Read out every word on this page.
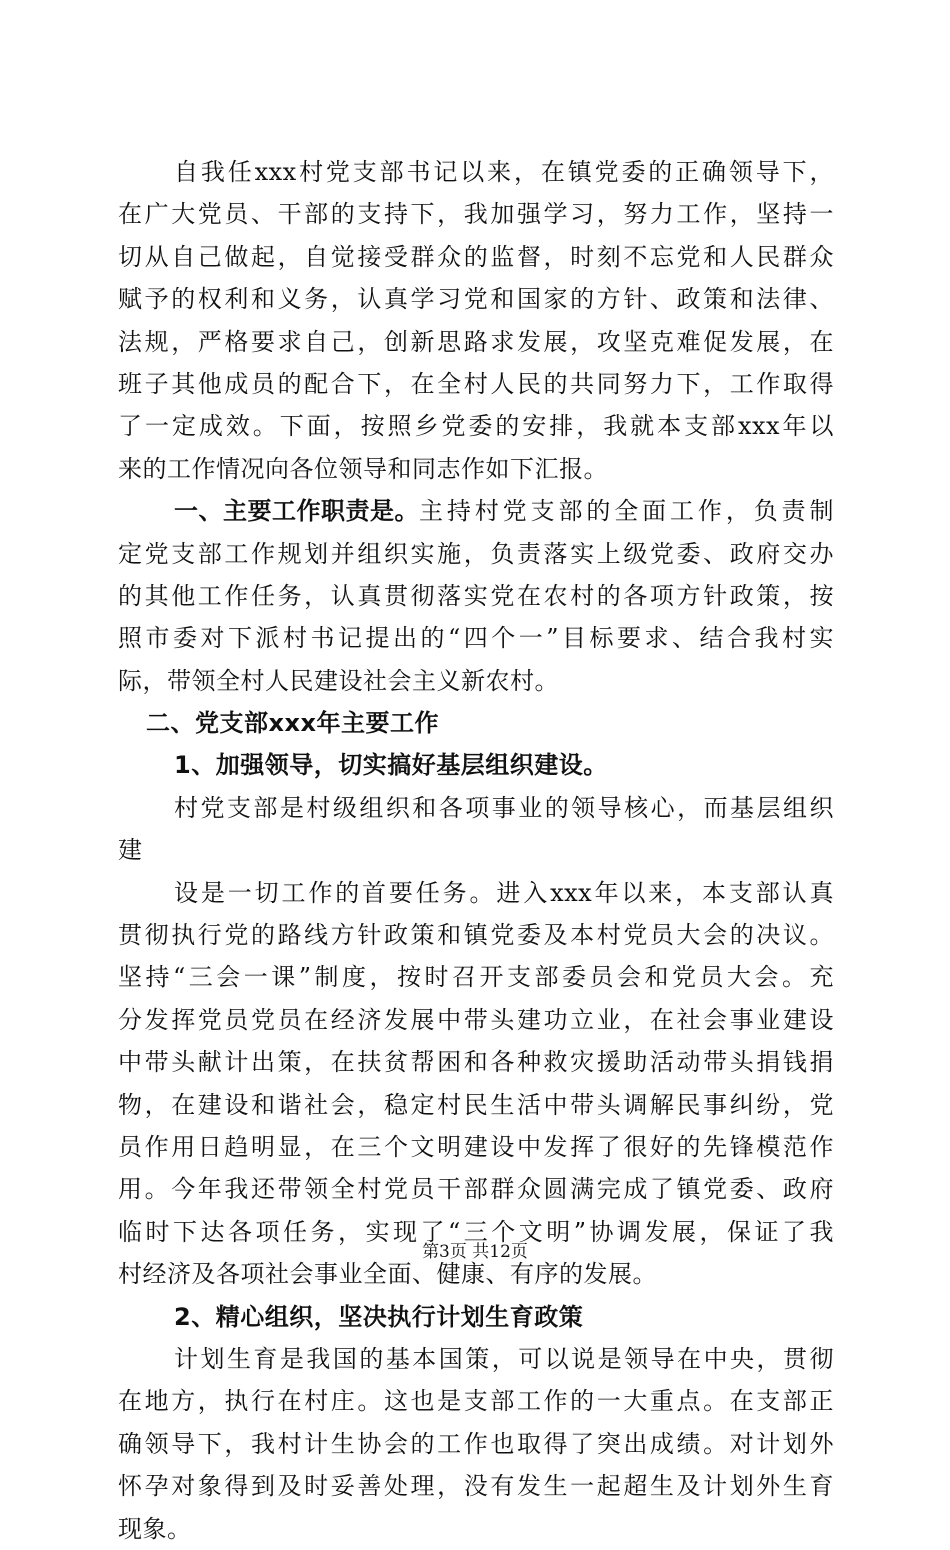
自我任xxx村党支部书记以来，在镇党委的正确领导下，
在广大党员、干部的支持下，我加强学习，努力工作，坚持一
切从自己做起，自觉接受群众的监督，时刻不忘党和人民群众
赋予的权利和义务，认真学习党和国家的方针、政策和法律、
法规，严格要求自己，创新思路求发展，攻坚克难促发展，在
班子其他成员的配合下，在全村人民的共同努力下，工作取得
了一定成效。下面，按照乡党委的安排，我就本支部xxx年以
来的工作情况向各位领导和同志作如下汇报。
一、主要工作职责是。 主持村党支部的全面工作，负责制
定党支部工作规划并组织实施，负责落实上级党委、政府交办
的其他工作任务，认真贯彻落实党在农村的各项方针政策，按
照市委对下派村书记提出的“四个一”目标要求、结合我村实
际，带领全村人民建设社会主义新农村。
二、党支部xxx年主要工作
1、加强领导，切实搞好基层组织建设。
村党支部是村级组织和各项事业的领导核心，而基层组织
建
设是一切工作的首要任务。进入xxx年以来，本支部认真
贯彻执行党的路线方针政策和镇党委及本村党员大会的决议。
坚持“三会一课”制度，按时召开支部委员会和党员大会。充
分发挥党员党员在经济发展中带头建功立业，在社会事业建设
中带头献计出策，在扶贫帮困和各种救灾援助活动带头捐钱捐
物，在建设和谐社会，稳定村民生活中带头调解民事纠纷，党
员作用日趋明显，在三个文明建设中发挥了很好的先锋模范作
用。今年我还带领全村党员干部群众圆满完成了镇党委、政府
临时下达各项任务，实现了“三个文明”协调发展，保证了我
村经济及各项社会事业全面、健康、有序的发展。
2、精心组织，坚决执行计划生育政策
计划生育是我国的基本国策，可以说是领导在中央，贯彻
在地方，执行在村庄。这也是支部工作的一大重点。在支部正
确领导下，我村计生协会的工作也取得了突出成绩。对计划外
怀孕对象得到及时妥善处理，没有发生一起超生及计划外生育
现象。
第3页 共12页
